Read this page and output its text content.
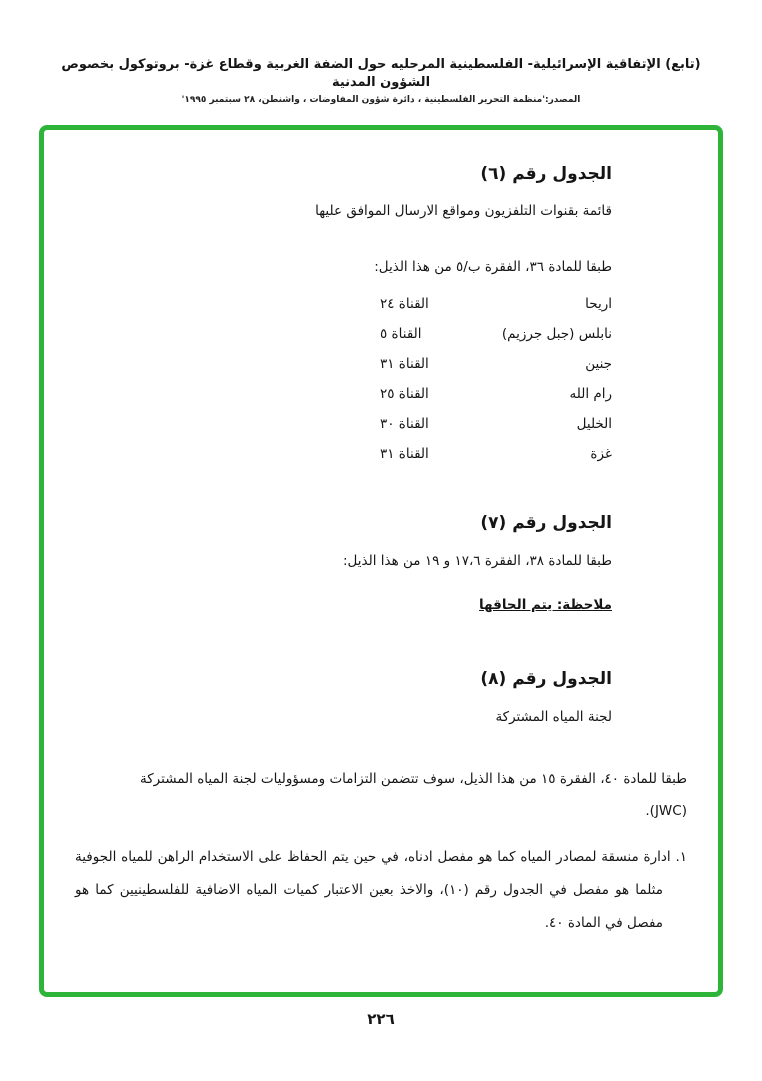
(تابع) الإتفاقية الإسرائيلية- الفلسطينية المرحليه حول الضفة الغربية وقطاع غزة- بروتوكول بخصوص الشؤون المدنية
المصدر:'منظمة التحرير الفلسطينية ، دائرة شؤون المفاوضات ، واشنطن، ٢٨ سبتمبر ١٩٩٥'
الجدول رقم (٦)
قائمة بقنوات التلفزيون ومواقع الارسال الموافق عليها
طبقا للمادة ٣٦، الفقرة ب/٥ من هذا الذيل:
اريحا
القناة ٢٤
نابلس (جبل جرزيم)
القناة ٥
جنين
القناة ٣١
رام الله
القناة ٢٥
الخليل
القناة ٣٠
غزة
القناة ٣١
الجدول رقم (٧)
طبقا للمادة ٣٨، الفقرة ١٧،٦ و ١٩ من هذا الذيل:
ملاحظة: يتم الحاقها
الجدول رقم (٨)
لجنة المياه المشتركة
طبقا للمادة ٤٠، الفقرة ١٥ من هذا الذيل، سوف تتضمن التزامات ومسؤوليات لجنة المياه المشتركة
(JWC).
١. ادارة منسقة لمصادر المياه كما هو مفصل ادناه، في حين يتم الحفاظ على الاستخدام الراهن للمياه الجوفية مثلما هو مفصل في الجدول رقم (١٠)، والاخذ بعين الاعتبار كميات المياه الاضافية للفلسطينيين كما هو مفصل في المادة ٤٠.
٢٢٦
